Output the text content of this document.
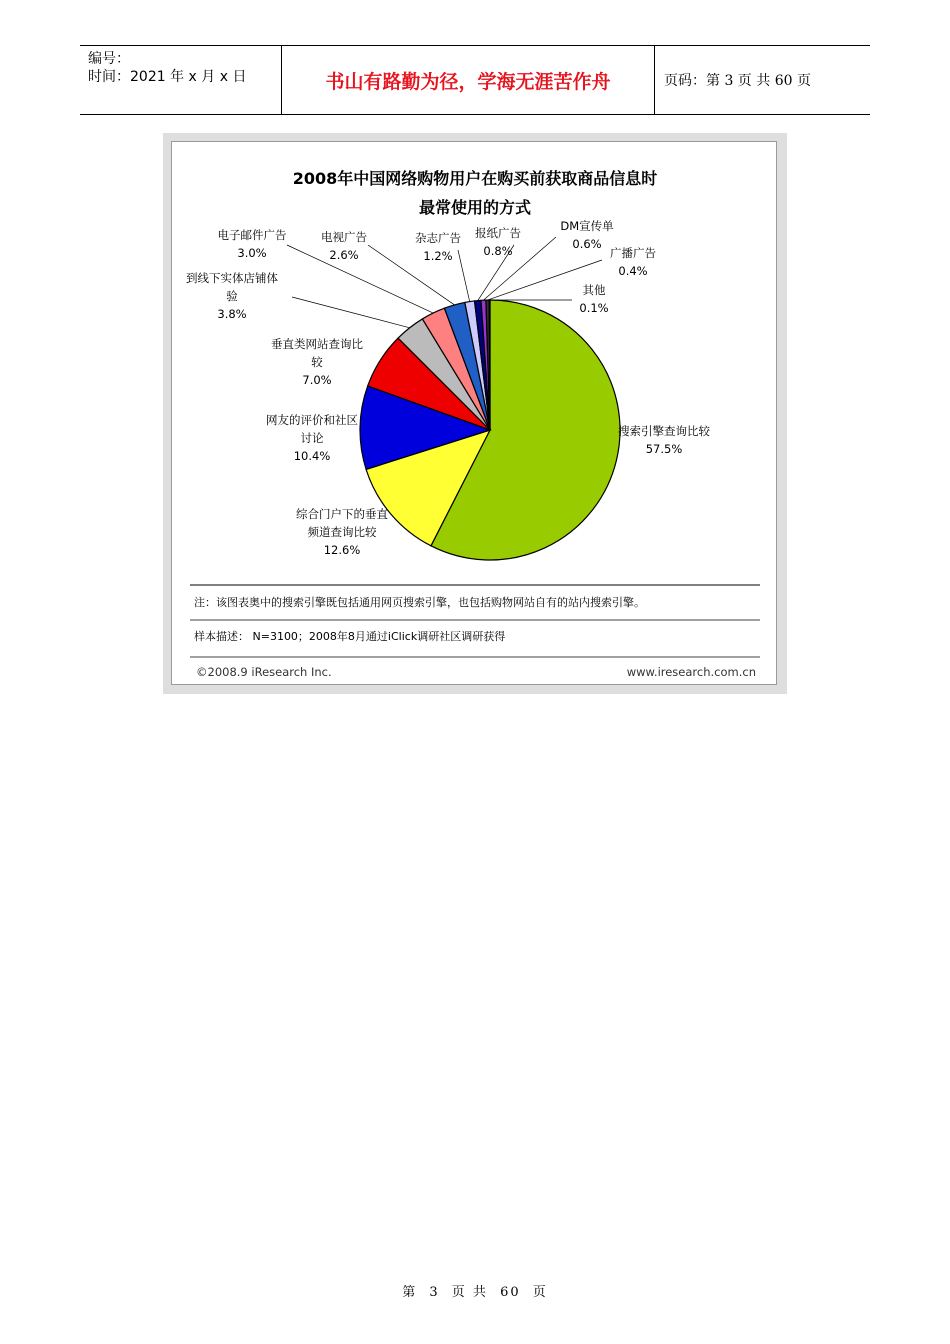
编号：
时间：2021 年 x 月 x 日	书山有路勤为径，学海无涯苦作舟	页码：第 3 页 共 60 页
2008年中国网络购物用户在购买前获取商品信息时
最常使用的方式
搜索引擎查询比较
57.5%
综合门户下的垂直
频道查询比较
12.6%
网友的评价和社区
讨论
10.4%
垂直类网站查询比
较
7.0%
到线下实体店铺体
验
3.8%
电子邮件广告
3.0%
电视广告
2.6%
杂志广告
1.2%
报纸广告
0.8%
DM宣传单
0.6%
广播广告
0.4%
其他
0.1%
注：该图表奥中的搜索引擎既包括通用网页搜索引擎，也包括购物网站自有的站内搜索引擎。
样本描述： N=3100；2008年8月通过iClick调研社区调研获得
©2008.9 iResearch Inc.	www.iresearch.com.cn
第 3 页 共 60 页
